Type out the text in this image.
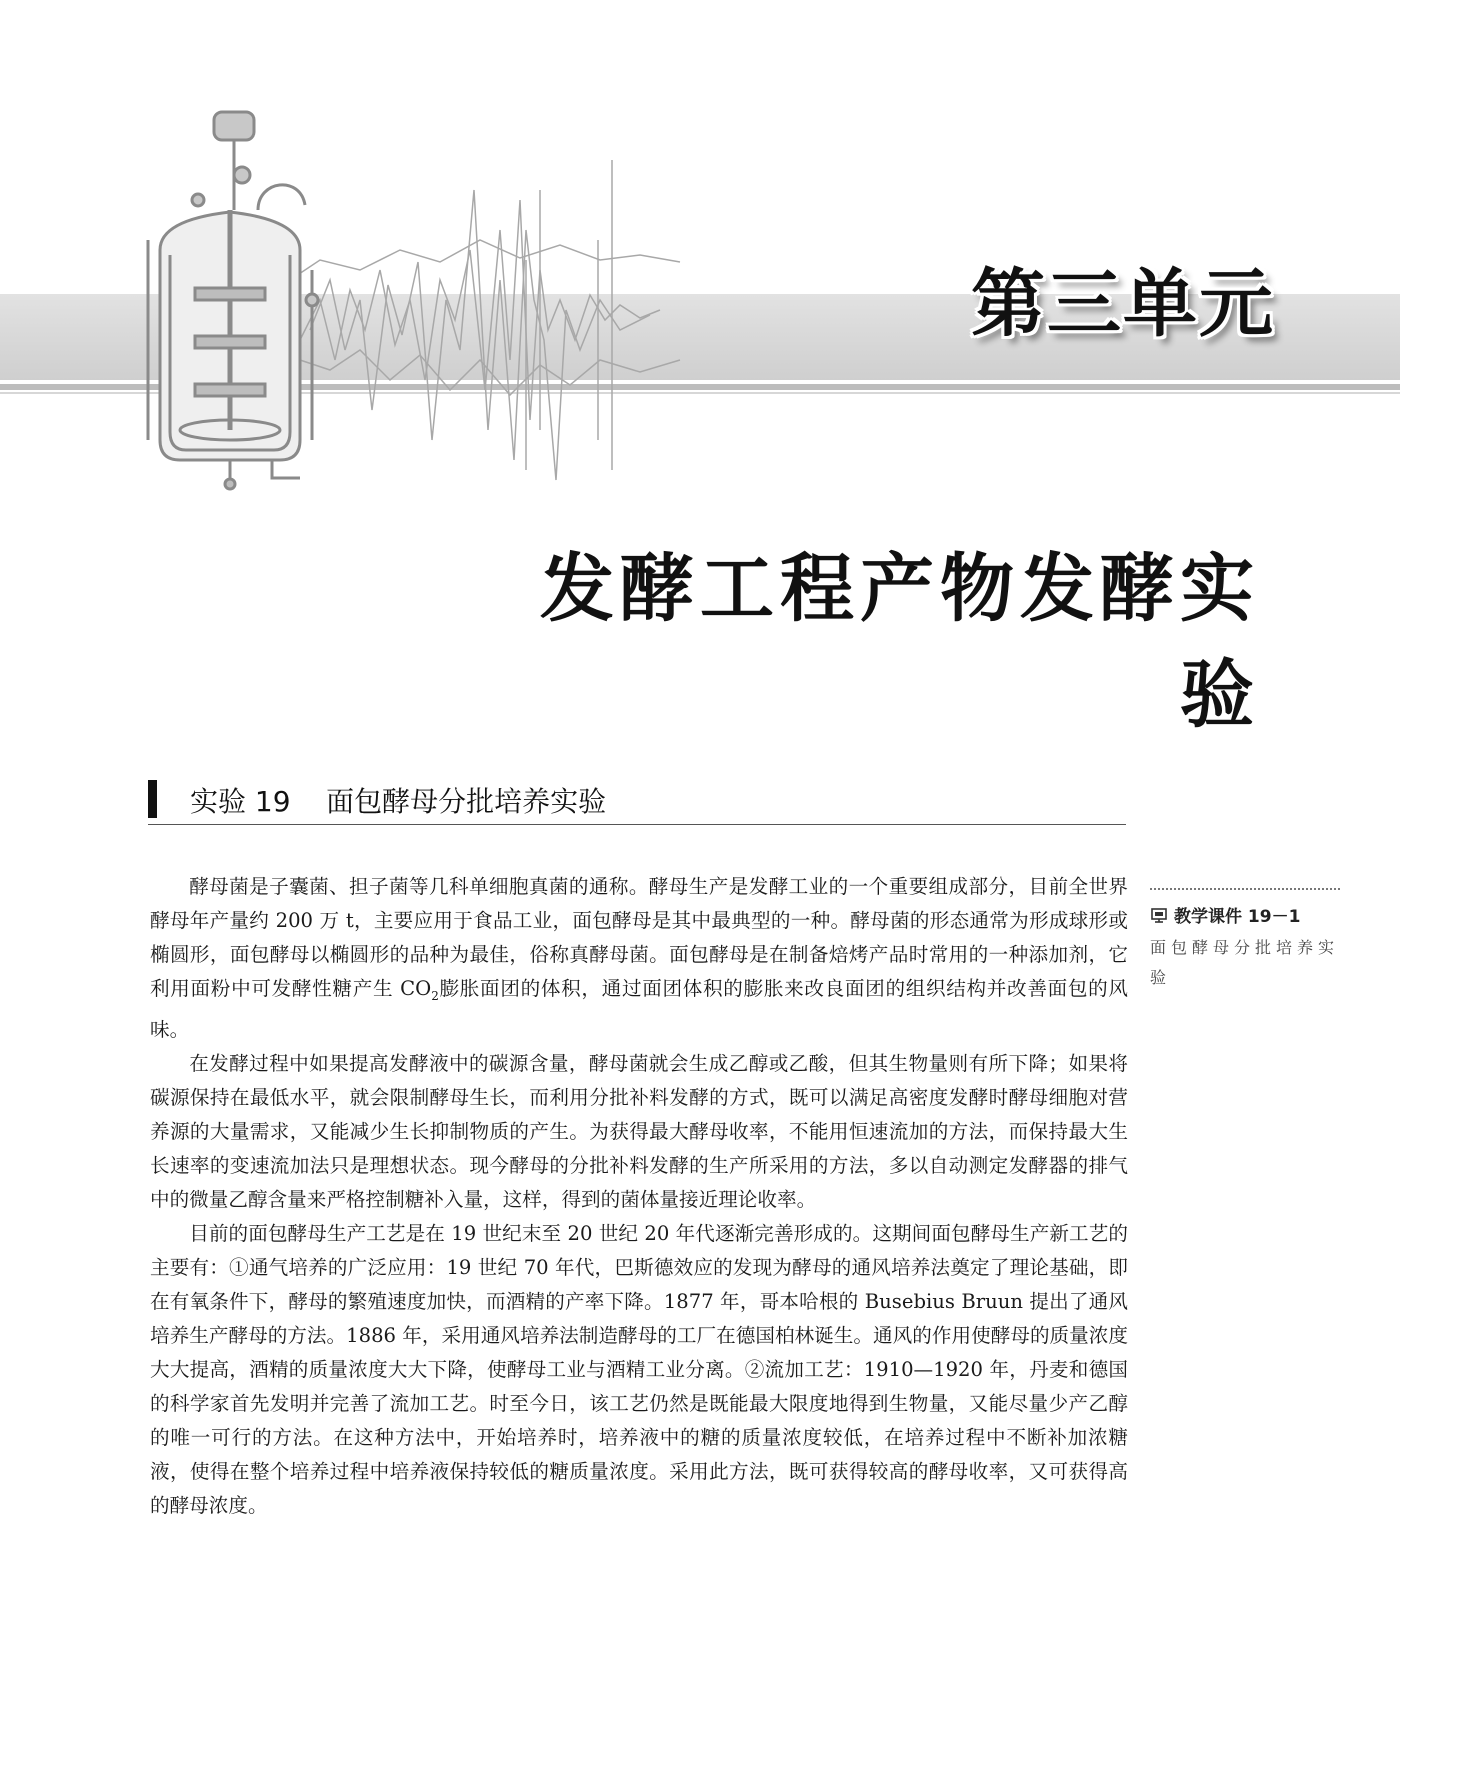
第三单元
发酵工程产物发酵实验
实验 19    面包酵母分批培养实验

酵母菌是子囊菌、担子菌等几科单细胞真菌的通称。酵母生产是发酵工业的一个重要组成部分，目前全世界酵母年产量约 200 万 t，主要应用于食品工业，面包酵母是其中最典型的一种。酵母菌的形态通常为形成球形或椭圆形，面包酵母以椭圆形的品种为最佳，俗称真酵母菌。面包酵母是在制备焙烤产品时常用的一种添加剂，它利用面粉中可发酵性糖产生 $CO_2$膨胀面团的体积，通过面团体积的膨胀来改良面团的组织结构并改善面包的风味。

在发酵过程中如果提高发酵液中的碳源含量，酵母菌就会生成乙醇或乙酸，但其生物量则有所下降；如果将碳源保持在最低水平，就会限制酵母生长，而利用分批补料发酵的方式，既可以满足高密度发酵时酵母细胞对营养源的大量需求，又能减少生长抑制物质的产生。为获得最大酵母收率，不能用恒速流加的方法，而保持最大生长速率的变速流加法只是理想状态。现今酵母的分批补料发酵的生产所采用的方法，多以自动测定发酵器的排气中的微量乙醇含量来严格控制糖补入量，这样，得到的菌体量接近理论收率。

目前的面包酵母生产工艺是在 19 世纪末至 20 世纪 20 年代逐渐完善形成的。这期间面包酵母生产新工艺的主要有：①通气培养的广泛应用：19 世纪 70 年代，巴斯德效应的发现为酵母的通风培养法奠定了理论基础，即在有氧条件下，酵母的繁殖速度加快，而酒精的产率下降。1877 年，哥本哈根的 Busebius Bruun 提出了通风培养生产酵母的方法。1886 年，采用通风培养法制造酵母的工厂在德国柏林诞生。通风的作用使酵母的质量浓度大大提高，酒精的质量浓度大大下降，使酵母工业与酒精工业分离。②流加工艺：1910—1920 年，丹麦和德国的科学家首先发明并完善了流加工艺。时至今日，该工艺仍然是既能最大限度地得到生物量，又能尽量少产乙醇的唯一可行的方法。在这种方法中，开始培养时，培养液中的糖的质量浓度较低，在培养过程中不断补加浓糖液，使得在整个培养过程中培养液保持较低的糖质量浓度。采用此方法，既可获得较高的酵母收率，又可获得高的酵母浓度。

教学课件 19－1
面包酵母分批培养实验
